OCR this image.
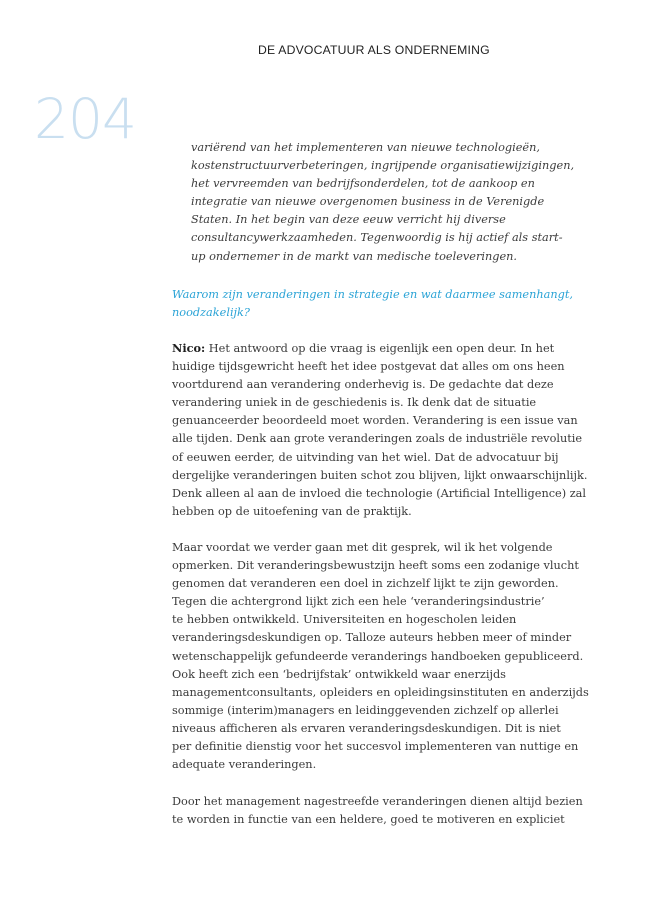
DE ADVOCATUUR ALS ONDERNEMING
204	variërend van het implementeren van nieuwe technologieën,
kostenstructuurverbeteringen, ingrijpende organisatiewijzigingen,
het vervreemden van bedrijfsonderdelen, tot de aankoop en
integratie van nieuwe overgenomen business in de Verenigde
Staten. In het begin van deze eeuw verricht hij diverse
consultancywerkzaamheden. Tegenwoordig is hij actief als start-
up ondernemer in de markt van medische toeleveringen.
Waarom zijn veranderingen in strategie en wat daarmee samenhangt,
noodzakelijk?
Nico: Het antwoord op die vraag is eigenlijk een open deur. In het
huidige tijdsgewricht heeft het idee postgevat dat alles om ons heen
voortdurend aan verandering onderhevig is. De gedachte dat deze
verandering uniek in de geschiedenis is. Ik denk dat de situatie
genuanceerder beoordeeld moet worden. Verandering is een issue van
alle tijden. Denk aan grote veranderingen zoals de industriële revolutie
of eeuwen eerder, de uitvinding van het wiel. Dat de advocatuur bij
dergelijke veranderingen buiten schot zou blijven, lijkt onwaarschijnlijk.
Denk alleen al aan de invloed die technologie (Artificial Intelligence) zal
hebben op de uitoefening van de praktijk.
Maar voordat we verder gaan met dit gesprek, wil ik het volgende
opmerken. Dit veranderingsbewustzijn heeft soms een zodanige vlucht
genomen dat veranderen een doel in zichzelf lijkt te zijn geworden.
Tegen die achtergrond lijkt zich een hele ‘veranderingsindustrie’
te hebben ontwikkeld. Universiteiten en hogescholen leiden
veranderingsdeskundigen op. Talloze auteurs hebben meer of minder
wetenschappelijk gefundeerde veranderings handboeken gepubliceerd.
Ook heeft zich een ‘bedrijfstak’ ontwikkeld waar enerzijds
managementconsultants, opleiders en opleidingsinstituten en anderzijds
sommige (interim)managers en leidinggevenden zichzelf op allerlei
niveaus afficheren als ervaren veranderingsdeskundigen. Dit is niet
per definitie dienstig voor het succesvol implementeren van nuttige en
adequate veranderingen.
Door het management nagestreefde veranderingen dienen altijd bezien
te worden in functie van een heldere, goed te motiveren en expliciet
